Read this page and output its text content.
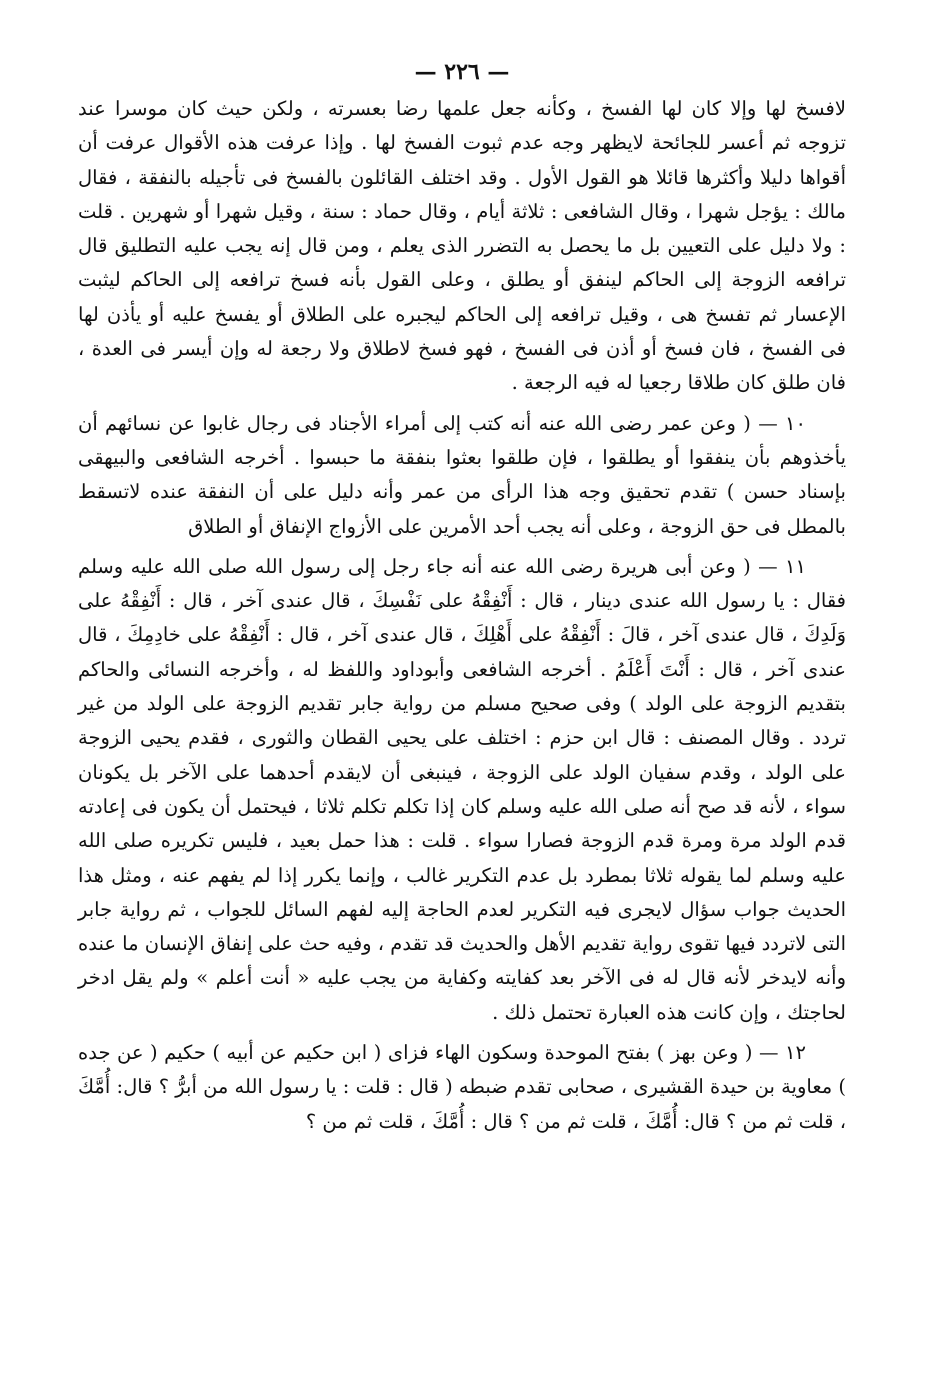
— ٢٢٦ —

لافسخ لها وإلا كان لها الفسخ ، وكأنه جعل علمها رضا بعسرته ، ولكن حيث كان موسرا عند تزوجه ثم أعسر للجائحة لايظهر وجه عدم ثبوت الفسخ لها . وإذا عرفت هذه الأقوال عرفت أن أقواها دليلا وأكثرها قائلا هو القول الأول . وقد اختلف القائلون بالفسخ فى تأجيله بالنفقة ، فقال مالك : يؤجل شهرا ، وقال الشافعى : ثلاثة أيام ، وقال حماد : سنة ، وقيل شهرا أو شهرين . قلت : ولا دليل على التعيين بل ما يحصل به التضرر الذى يعلم ، ومن قال إنه يجب عليه التطليق قال ترافعه الزوجة إلى الحاكم لينفق أو يطلق ، وعلى القول بأنه فسخ ترافعه إلى الحاكم ليثبت الإعسار ثم تفسخ هى ، وقيل ترافعه إلى الحاكم ليجبره على الطلاق أو يفسخ عليه أو يأذن لها فى الفسخ ، فان فسخ أو أذن فى الفسخ ، فهو فسخ لاطلاق ولا رجعة له وإن أيسر فى العدة ، فان طلق كان طلاقا رجعيا له فيه الرجعة .

١٠ — ( وعن عمر رضى الله عنه أنه كتب إلى أمراء الأجناد فى رجال غابوا عن نسائهم أن يأخذوهم بأن ينفقوا أو يطلقوا ، فإن طلقوا بعثوا بنفقة ما حبسوا . أخرجه الشافعى والبيهقى بإسناد حسن ) تقدم تحقيق وجه هذا الرأى من عمر وأنه دليل على أن النفقة عنده لاتسقط بالمطل فى حق الزوجة ، وعلى أنه يجب أحد الأمرين على الأزواج الإنفاق أو الطلاق

١١ — ( وعن أبى هريرة رضى الله عنه أنه جاء رجل إلى رسول الله صلى الله عليه وسلم فقال : يا رسول الله عندى دينار ، قال : أَنْفِقْهُ على نَفْسِكَ ، قال عندى آخر ، قال : أَنْفِقْهُ على وَلَدِكَ ، قال عندى آخر ، قالَ : أَنْفِقْهُ على أَهْلِكَ ، قال عندى آخر ، قال : أَنْفِقْهُ على خادِمِكَ ، قال عندى آخر ، قال : أَنْتَ أَعْلَمُ . أخرجه الشافعى وأبوداود واللفظ له ، وأخرجه النسائى والحاكم بتقديم الزوجة على الولد ) وفى صحيح مسلم من رواية جابر تقديم الزوجة على الولد من غير تردد . وقال المصنف : قال ابن حزم : اختلف على يحيى القطان والثورى ، فقدم يحيى الزوجة على الولد ، وقدم سفيان الولد على الزوجة ، فينبغى أن لايقدم أحدهما على الآخر بل يكونان سواء ، لأنه قد صح أنه صلى الله عليه وسلم كان إذا تكلم تكلم ثلاثا ، فيحتمل أن يكون فى إعادته قدم الولد مرة ومرة قدم الزوجة فصارا سواء . قلت : هذا حمل بعيد ، فليس تكريره صلى الله عليه وسلم لما يقوله ثلاثا بمطرد بل عدم التكرير غالب ، وإنما يكرر إذا لم يفهم عنه ، ومثل هذا الحديث جواب سؤال لايجرى فيه التكرير لعدم الحاجة إليه لفهم السائل للجواب ، ثم رواية جابر التى لاتردد فيها تقوى رواية تقديم الأهل والحديث قد تقدم ، وفيه حث على إنفاق الإنسان ما عنده وأنه لايدخر لأنه قال له فى الآخر بعد كفايته وكفاية من يجب عليه « أنت أعلم » ولم يقل ادخر لحاجتك ، وإن كانت هذه العبارة تحتمل ذلك .

١٢ — ( وعن بهز ) بفتح الموحدة وسكون الهاء فزاى ( ابن حكيم عن أبيه ) حكيم ( عن جده ) معاوية بن حيدة القشيرى ، صحابى تقدم ضبطه ( قال : قلت : يا رسول الله من أبرُّ ؟ قال: أُمَّكَ ، قلت ثم من ؟ قال: أُمَّكَ ، قلت ثم من ؟ قال : أُمَّكَ ، قلت ثم من ؟
